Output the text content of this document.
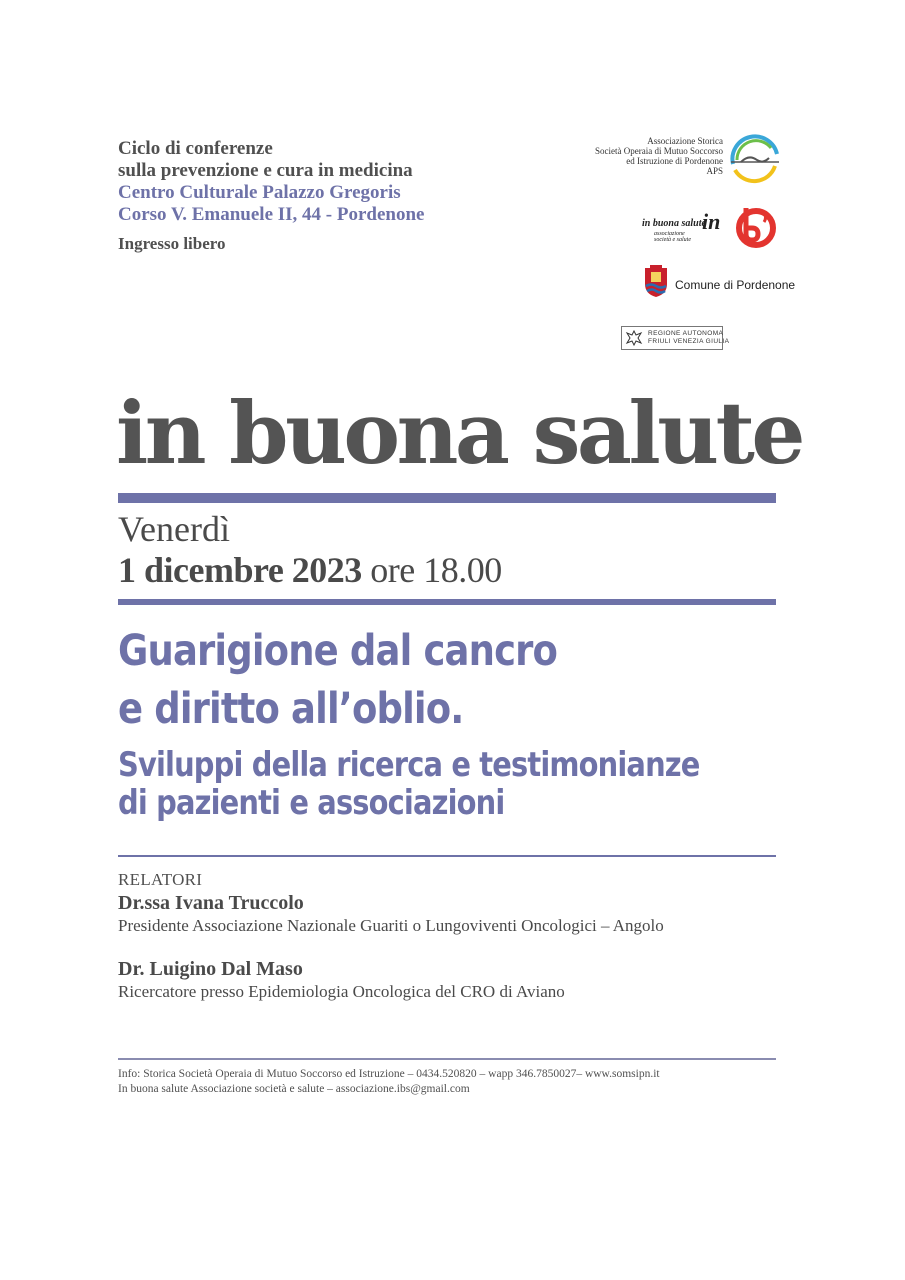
Ciclo di conferenze
sulla prevenzione e cura in medicina
Centro Culturale Palazzo Gregoris
Corso V. Emanuele II, 44 - Pordenone
Ingresso libero
Associazione Storica
Società Operaia di Mutuo Soccorso
ed Istruzione di Pordenone
APS
in buona salute
in
associazione
società e salute
Comune di Pordenone
REGIONE AUTONOMA
FRIULI VENEZIA GIULIA
in buona salute
Venerdì
1 dicembre 2023 ore 18.00
Guarigione dal cancro
e diritto all’oblio.
Sviluppi della ricerca e testimonianze
di pazienti e associazioni
RELATORI
Dr.ssa Ivana Truccolo
Presidente Associazione Nazionale Guariti o Lungoviventi Oncologici – Angolo
Dr. Luigino Dal Maso
Ricercatore presso Epidemiologia Oncologica del CRO di Aviano
Info: Storica Società Operaia di Mutuo Soccorso ed Istruzione – 0434.520820 – wapp 346.7850027– www.somsipn.it
In buona salute Associazione società e salute – associazione.ibs@gmail.com
